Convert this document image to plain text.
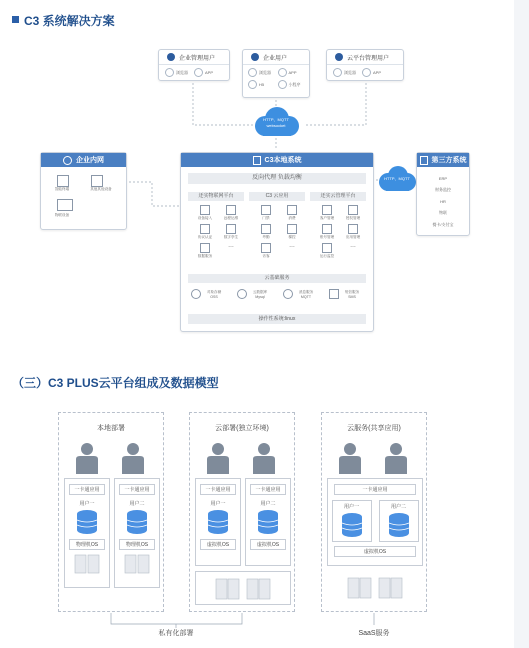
C3 系统解决方案
企业管理用户
浏览器	APP
企业用户
浏览器	APP
H5	小程序
云平台管理用户
浏览器	APP
HTTP、MQTT
websocket
企业内网
智能终端	其他其他设备
物联设备
C3本地系统
反向代理 负载均衡
还实物联网平台	C3 云应用	还实云管理平台
设备接入	远程运维
协议认证	数字孪生
数据服务
…
门禁	消费
考勤	梯控
访客
…
客户管理	授权管理
账号管理	应用管理
运行监控
…
云基础服务
对象存储 OSS
云数据库 Mysql
消息服务 MQTT
短信服务 SMS
操作性系统:linux
HTTP、MQTT
第三方系统
ERP
财务监控
HR
物联
餐卡/支付宝
（三）C3 PLUS云平台组成及数据模型
本地部署
一卡通应用
用户一
物理机OS
一卡通应用
用户二
物理机OS
云部署(独立环境)
一卡通应用
用户一
虚拟机OS
一卡通应用
用户二
虚拟机OS
云服务(共享应用)
一卡通应用
用户一	用户二
虚拟机OS
私有化部署	SaaS服务
